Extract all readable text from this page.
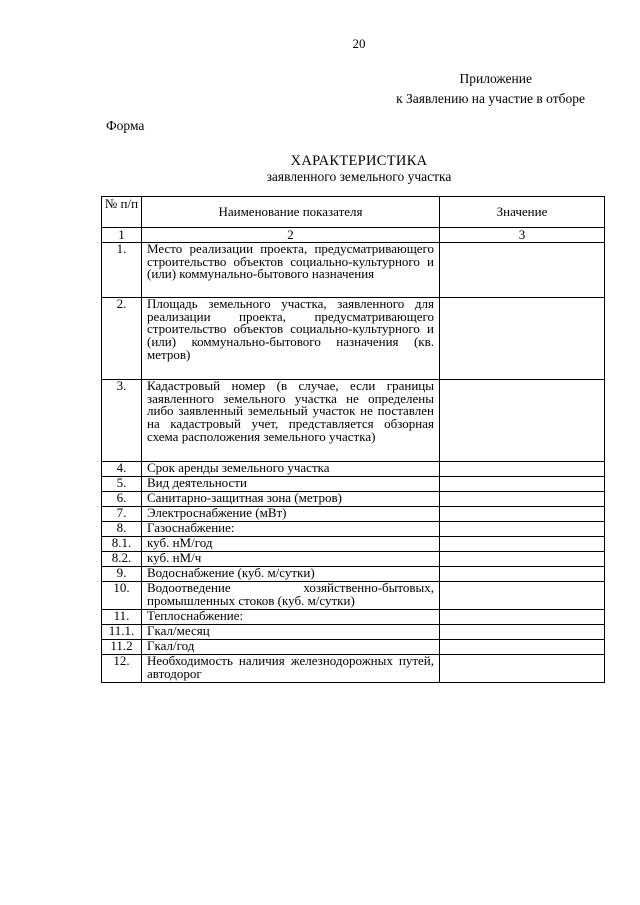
20
Приложение
к Заявлению на участие в отборе
Форма
ХАРАКТЕРИСТИКА
заявленного земельного участка
№ п/п	Наименование показателя	Значение
1	2	3
1.	Место реализации проекта, предусматривающего строительство объектов социально-культурного и (или) коммунально-бытового назначения	
2.	Площадь земельного участка, заявленного для реализации проекта, предусматривающего строительство объектов социально-культурного и (или) коммунально-бытового назначения (кв. метров)	
3.	Кадастровый номер (в случае, если границы заявленного земельного участка не определены либо заявленный земельный участок не поставлен на кадастровый учет, представляется обзорная схема расположения земельного участка)	
4.	Срок аренды земельного участка	
5.	Вид деятельности	
6.	Санитарно-защитная зона (метров)	
7.	Электроснабжение (мВт)	
8.	Газоснабжение:	
8.1.	куб. нМ/год	
8.2.	куб. нМ/ч	
9.	Водоснабжение (куб. м/сутки)	
10.	Водоотведение хозяйственно-бытовых, промышленных стоков (куб. м/сутки)	
11.	Теплоснабжение:	
11.1.	Гкал/месяц	
11.2	Гкал/год	
12.	Необходимость наличия железнодорожных путей, автодорог	
